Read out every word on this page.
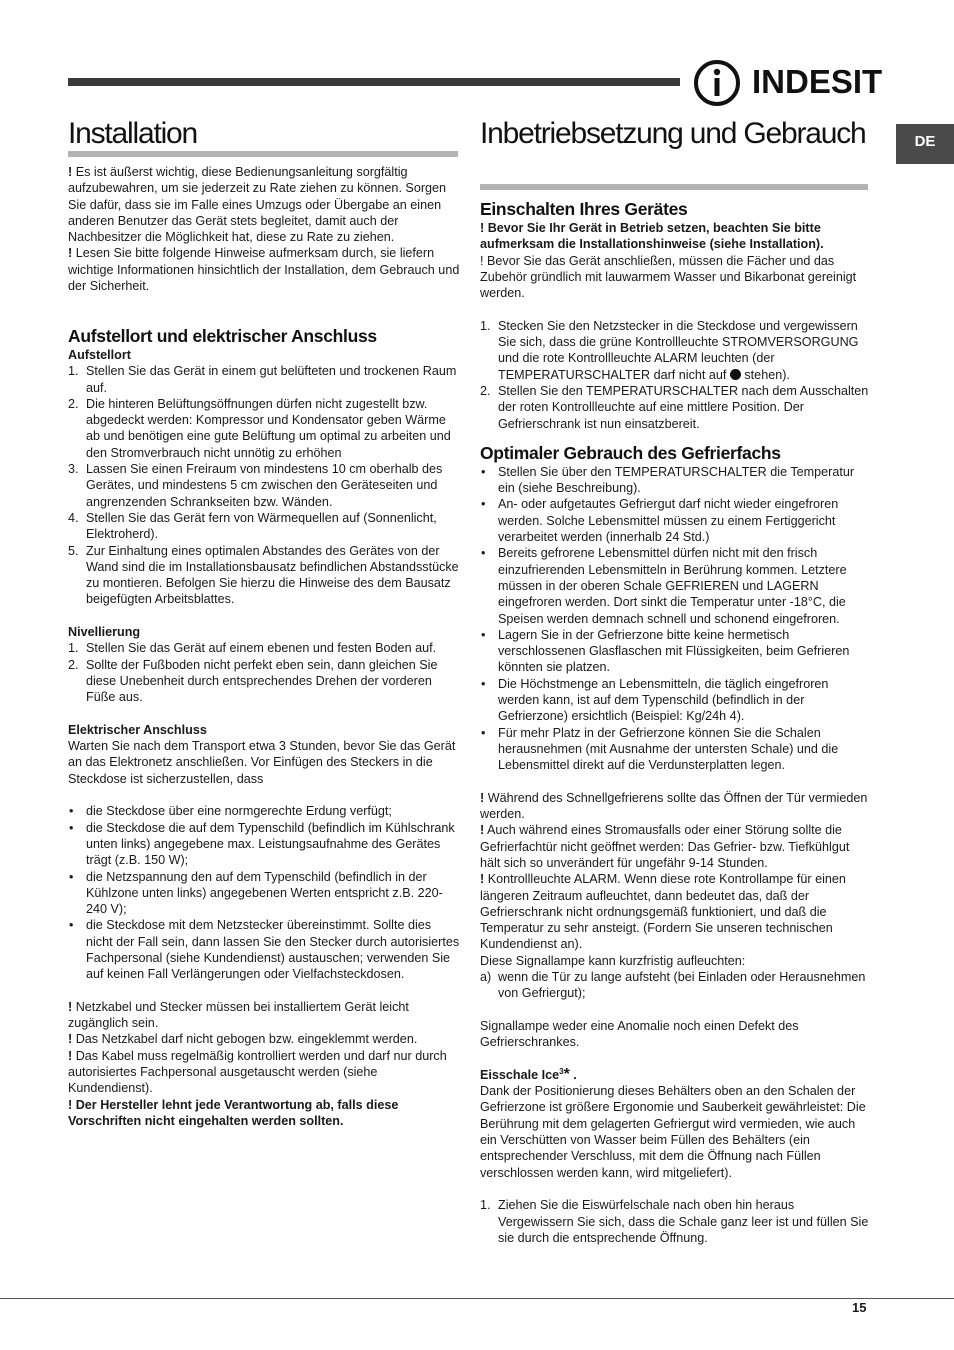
INDESIT
DE
Installation	Inbetriebsetzung und Gebrauch

! Es ist äußerst wichtig, diese Bedienungsanleitung sorgfältig aufzubewahren, um sie jederzeit zu Rate ziehen zu können. Sorgen Sie dafür, dass sie im Falle eines Umzugs oder Übergabe an einen anderen Benutzer das Gerät stets begleitet, damit auch der Nachbesitzer die Möglichkeit hat, diese zu Rate zu ziehen.

! Lesen Sie bitte folgende Hinweise aufmerksam durch, sie liefern wichtige Informationen hinsichtlich der Installation, dem Gebrauch und der Sicherheit.

Aufstellort und elektrischer Anschluss
Aufstellort
1. Stellen Sie das Gerät in einem gut belüfteten und trockenen Raum auf.
2. Die hinteren Belüftungsöffnungen dürfen nicht zugestellt bzw. abgedeckt werden: Kompressor und Kondensator geben Wärme ab und benötigen eine gute Belüftung um optimal zu arbeiten und den Stromverbrauch nicht unnötig zu erhöhen
3. Lassen Sie einen Freiraum von mindestens 10 cm oberhalb des Gerätes, und mindestens 5 cm zwischen den Geräteseiten und angrenzenden Schrankseiten bzw. Wänden.
4. Stellen Sie das Gerät fern von Wärmequellen auf (Sonnenlicht, Elektroherd).
5. Zur Einhaltung eines optimalen Abstandes des Gerätes von der Wand sind die im Installationsbausatz befindlichen Abstandsstücke zu montieren. Befolgen Sie hierzu die Hinweise des dem Bausatz beigefügten Arbeitsblattes.
Nivellierung
1. Stellen Sie das Gerät auf einem ebenen und festen Boden auf.
2. Sollte der Fußboden nicht perfekt eben sein, dann gleichen Sie diese Unebenheit durch entsprechendes Drehen der vorderen Füße aus.
Elektrischer Anschluss

Warten Sie nach dem Transport etwa 3 Stunden, bevor Sie das Gerät an das Elektronetz anschließen. Vor Einfügen des Steckers in die Steckdose ist sicherzustellen, dass

• die Steckdose über eine normgerechte Erdung verfügt;
• die Steckdose die auf dem Typenschild (befindlich im Kühlschrank unten links) angegebene max. Leistungsaufnahme des Gerätes trägt (z.B. 150 W);
• die Netzspannung den auf dem Typenschild (befindlich in der Kühlzone unten links) angegebenen Werten entspricht z.B. 220-240 V);
• die Steckdose mit dem Netzstecker übereinstimmt. Sollte dies nicht der Fall sein, dann lassen Sie den Stecker durch autorisiertes Fachpersonal (siehe Kundendienst) austauschen; verwenden Sie auf keinen Fall Verlängerungen oder Vielfachsteckdosen.

! Netzkabel und Stecker müssen bei installiertem Gerät leicht zugänglich sein.

! Das Netzkabel darf nicht gebogen bzw. eingeklemmt werden.

! Das Kabel muss regelmäßig kontrolliert werden und darf nur durch autorisiertes Fachpersonal ausgetauscht werden (siehe Kundendienst).

! Der Hersteller lehnt jede Verantwortung ab, falls diese Vorschriften nicht eingehalten werden sollten.

Einschalten Ihres Gerätes

! Bevor Sie Ihr Gerät in Betrieb setzen, beachten Sie bitte aufmerksam die Installationshinweise (siehe Installation).

! Bevor Sie das Gerät anschließen, müssen die Fächer und das Zubehör gründlich mit lauwarmem Wasser und Bikarbonat gereinigt werden.

1. Stecken Sie den Netzstecker in die Steckdose und vergewissern Sie sich, dass die grüne Kontrollleuchte STROMVERSORGUNG und die rote Kontrollleuchte ALARM leuchten (der TEMPERATURSCHALTER darf nicht auf  stehen).
2. Stellen Sie den TEMPERATURSCHALTER nach dem Ausschalten der roten Kontrollleuchte auf eine mittlere Position. Der Gefrierschrank ist nun einsatzbereit.
Optimaler Gebrauch des Gefrierfachs
• Stellen Sie über den TEMPERATURSCHALTER die Temperatur ein (siehe Beschreibung).
• An- oder aufgetautes Gefriergut darf nicht wieder eingefroren werden. Solche Lebensmittel müssen zu einem Fertiggericht verarbeitet werden (innerhalb 24 Std.)
• Bereits gefrorene Lebensmittel dürfen nicht mit den frisch einzufrierenden Lebensmitteln in Berührung kommen. Letztere müssen in der oberen Schale GEFRIEREN und LAGERN eingefroren werden. Dort sinkt die Temperatur unter -18°C, die Speisen werden demnach schnell und schonend eingefroren.
• Lagern Sie in der Gefrierzone bitte keine hermetisch verschlossenen Glasflaschen mit Flüssigkeiten, beim Gefrieren könnten sie platzen.
• Die Höchstmenge an Lebensmitteln, die täglich eingefroren werden kann, ist auf dem Typenschild (befindlich in der Gefrierzone) ersichtlich (Beispiel: Kg/24h 4).
• Für mehr Platz in der Gefrierzone können Sie die Schalen herausnehmen (mit Ausnahme der untersten Schale) und die Lebensmittel direkt auf die Verdunsterplatten legen.

! Während des Schnellgefrierens sollte das Öffnen der Tür vermieden werden.

! Auch während eines Stromausfalls oder einer Störung sollte die Gefrierfachtür nicht geöffnet werden: Das Gefrier- bzw. Tiefkühlgut hält sich so unverändert für ungefähr 9-14 Stunden.

! Kontrollleuchte ALARM. Wenn diese rote Kontrollampe für einen längeren Zeitraum aufleuchtet, dann bedeutet das, daß der Gefrierschrank nicht ordnungsgemäß funktioniert, und daß die Temperatur zu sehr ansteigt. (Fordern Sie unseren technischen Kundendienst an).

Diese Signallampe kann kurzfristig aufleuchten:

a) wenn die Tür zu lange aufsteht (bei Einladen oder Herausnehmen von Gefriergut);

Signallampe weder eine Anomalie noch einen Defekt des Gefrierschrankes.

Eisschale Ice$^3$* .

Dank der Positionierung dieses Behälters oben an den Schalen der Gefrierzone ist größere Ergonomie und Sauberkeit gewährleistet: Die Berührung mit dem gelagerten Gefriergut wird vermieden, wie auch ein Verschütten von Wasser beim Füllen des Behälters (ein entsprechender Verschluss, mit dem die Öffnung nach Füllen verschlossen werden kann, wird mitgeliefert).

1. Ziehen Sie die Eiswürfelschale nach oben hin heraus Vergewissern Sie sich, dass die Schale ganz leer ist und füllen Sie sie durch die entsprechende Öffnung.
15
